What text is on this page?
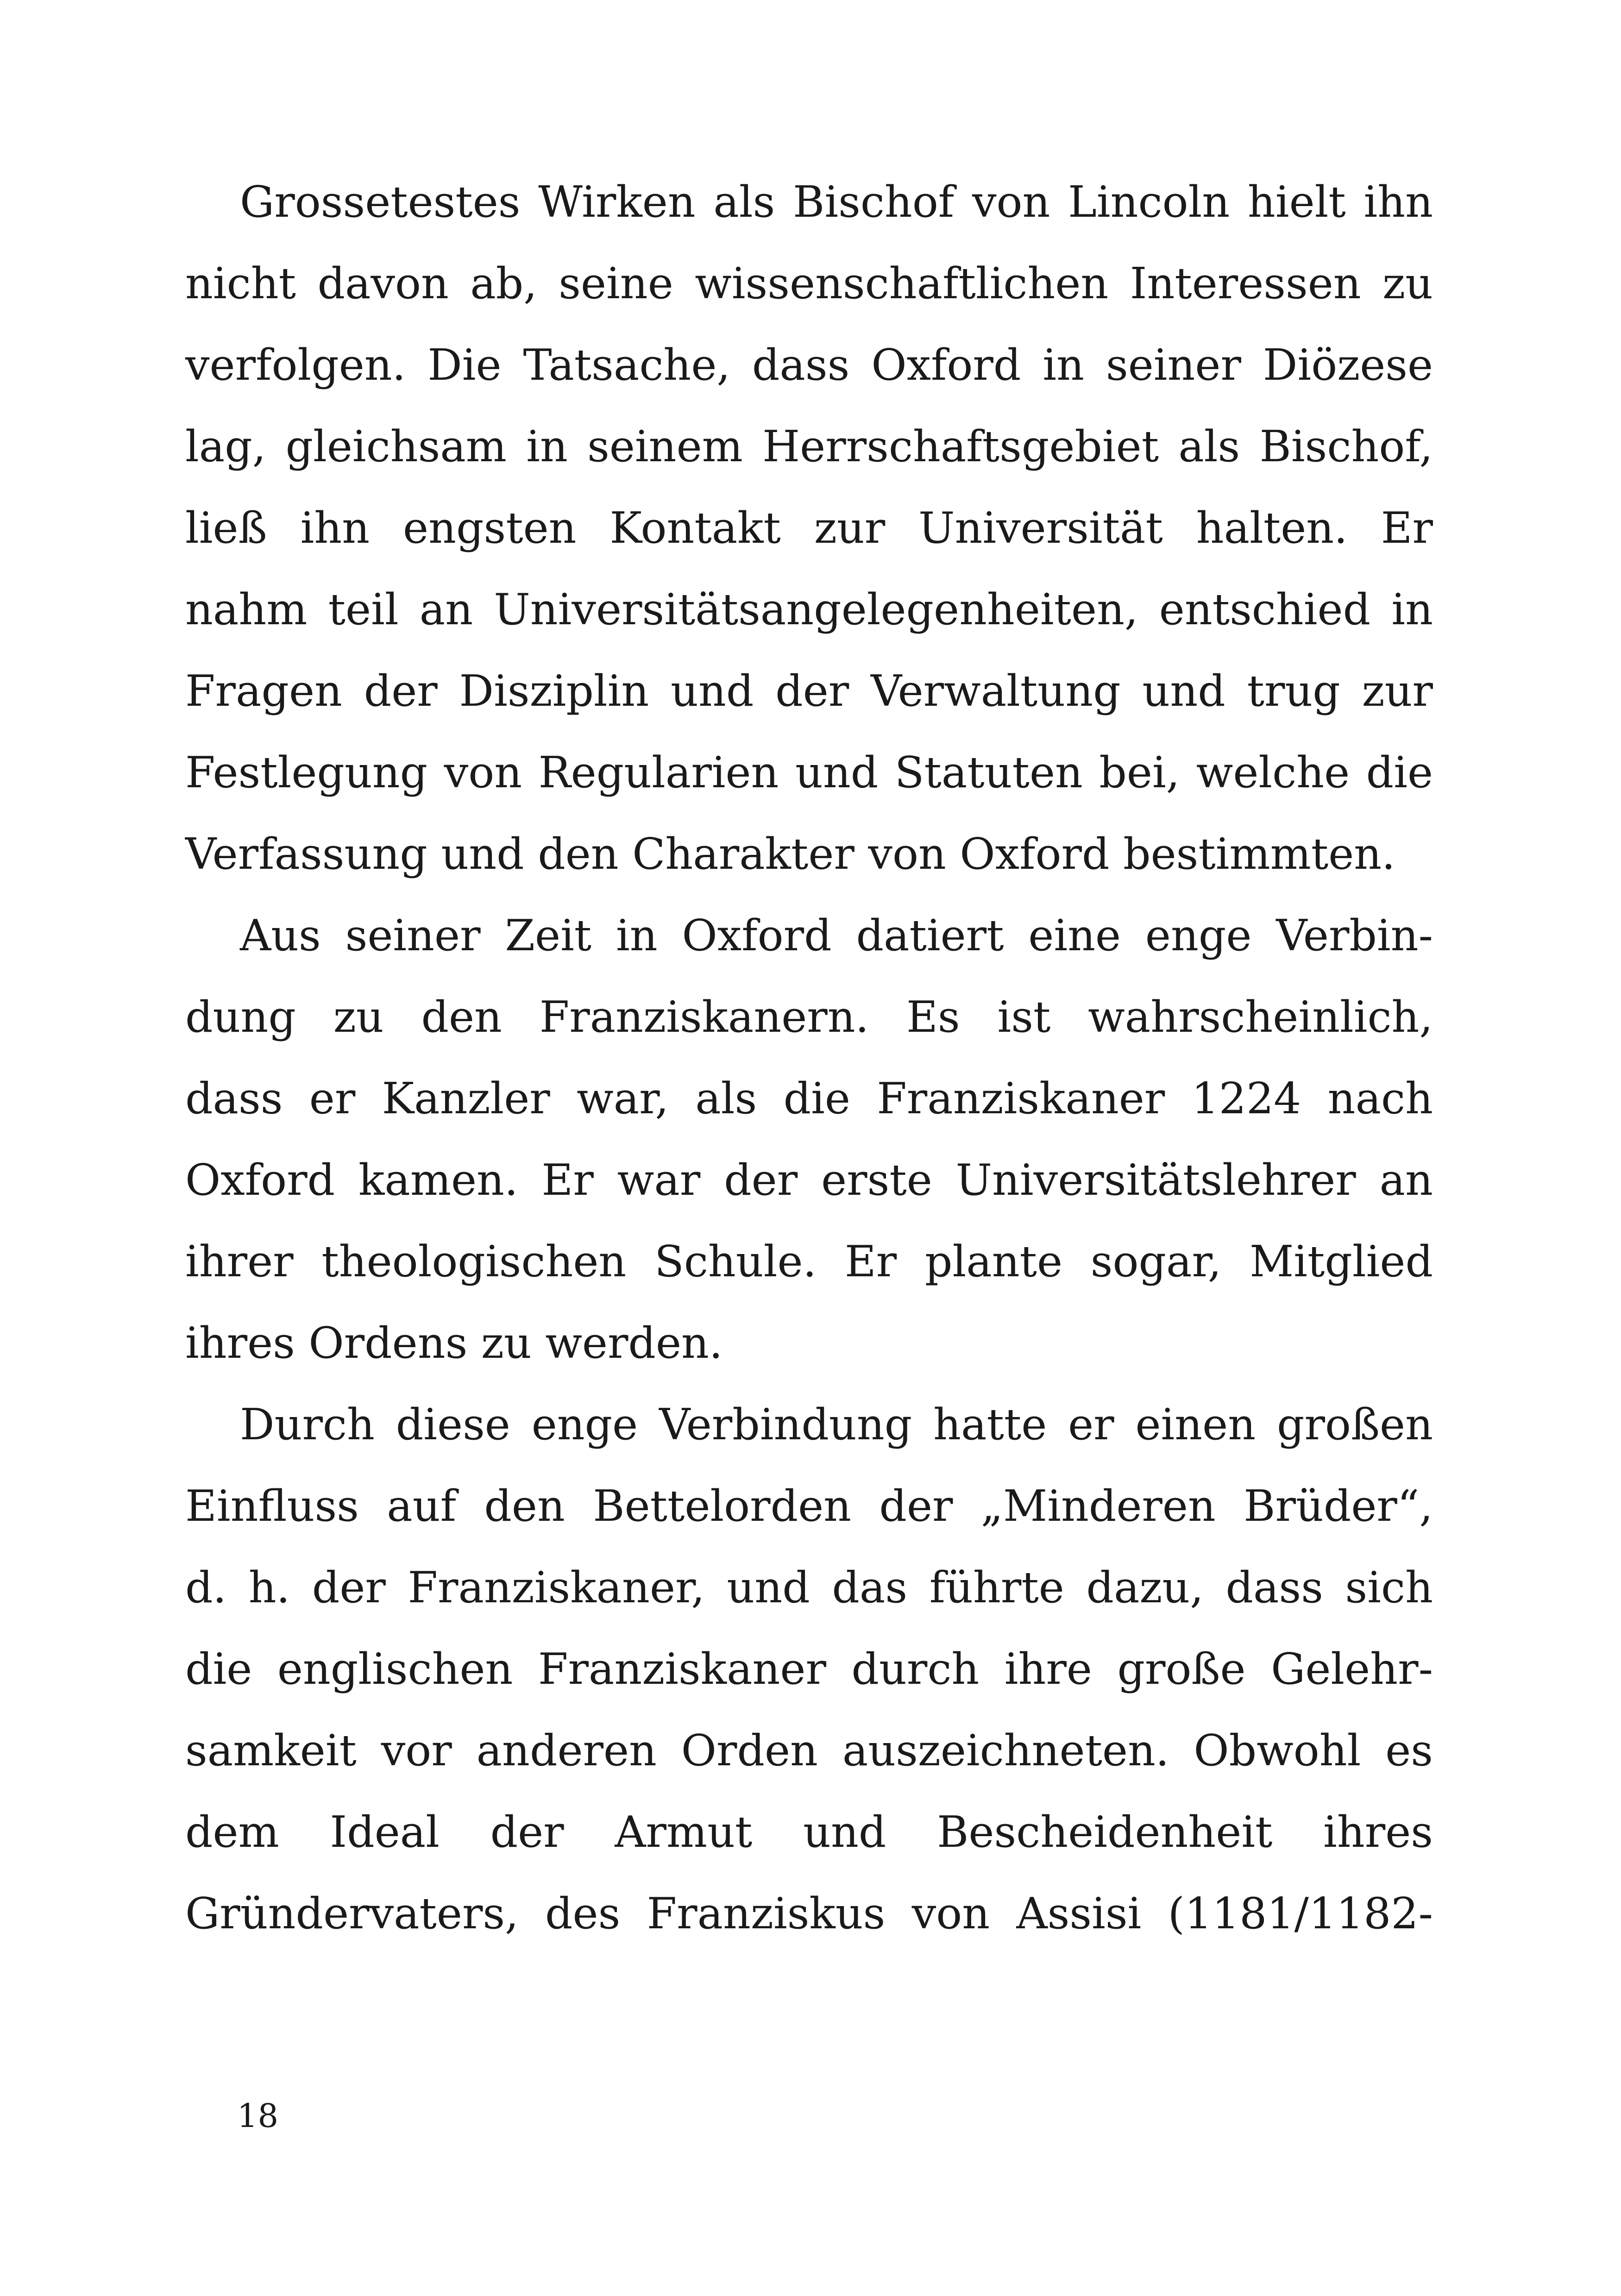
Grossetestes Wirken als Bischof von Lincoln hielt ihn
nicht davon ab, seine wissenschaftlichen Interessen zu
verfolgen. Die Tatsache, dass Oxford in seiner Diözese
lag, gleichsam in seinem Herrschaftsgebiet als Bischof,
ließ ihn engsten Kontakt zur Universität halten. Er
nahm teil an Universitätsangelegenheiten, entschied in
Fragen der Disziplin und der Verwaltung und trug zur
Festlegung von Regularien und Statuten bei, welche die
Verfassung und den Charakter von Oxford bestimmten.
Aus seiner Zeit in Oxford datiert eine enge Verbin-
dung zu den Franziskanern. Es ist wahrscheinlich,
dass er Kanzler war, als die Franziskaner 1224 nach
Oxford kamen. Er war der erste Universitätslehrer an
ihrer theologischen Schule. Er plante sogar, Mitglied
ihres Ordens zu werden.
Durch diese enge Verbindung hatte er einen großen
Einfluss auf den Bettelorden der „Minderen Brüder“,
d. h. der Franziskaner, und das führte dazu, dass sich
die englischen Franziskaner durch ihre große Gelehr-
samkeit vor anderen Orden auszeichneten. Obwohl es
dem Ideal der Armut und Bescheidenheit ihres
Gründervaters, des Franziskus von Assisi (1181/1182-
18
